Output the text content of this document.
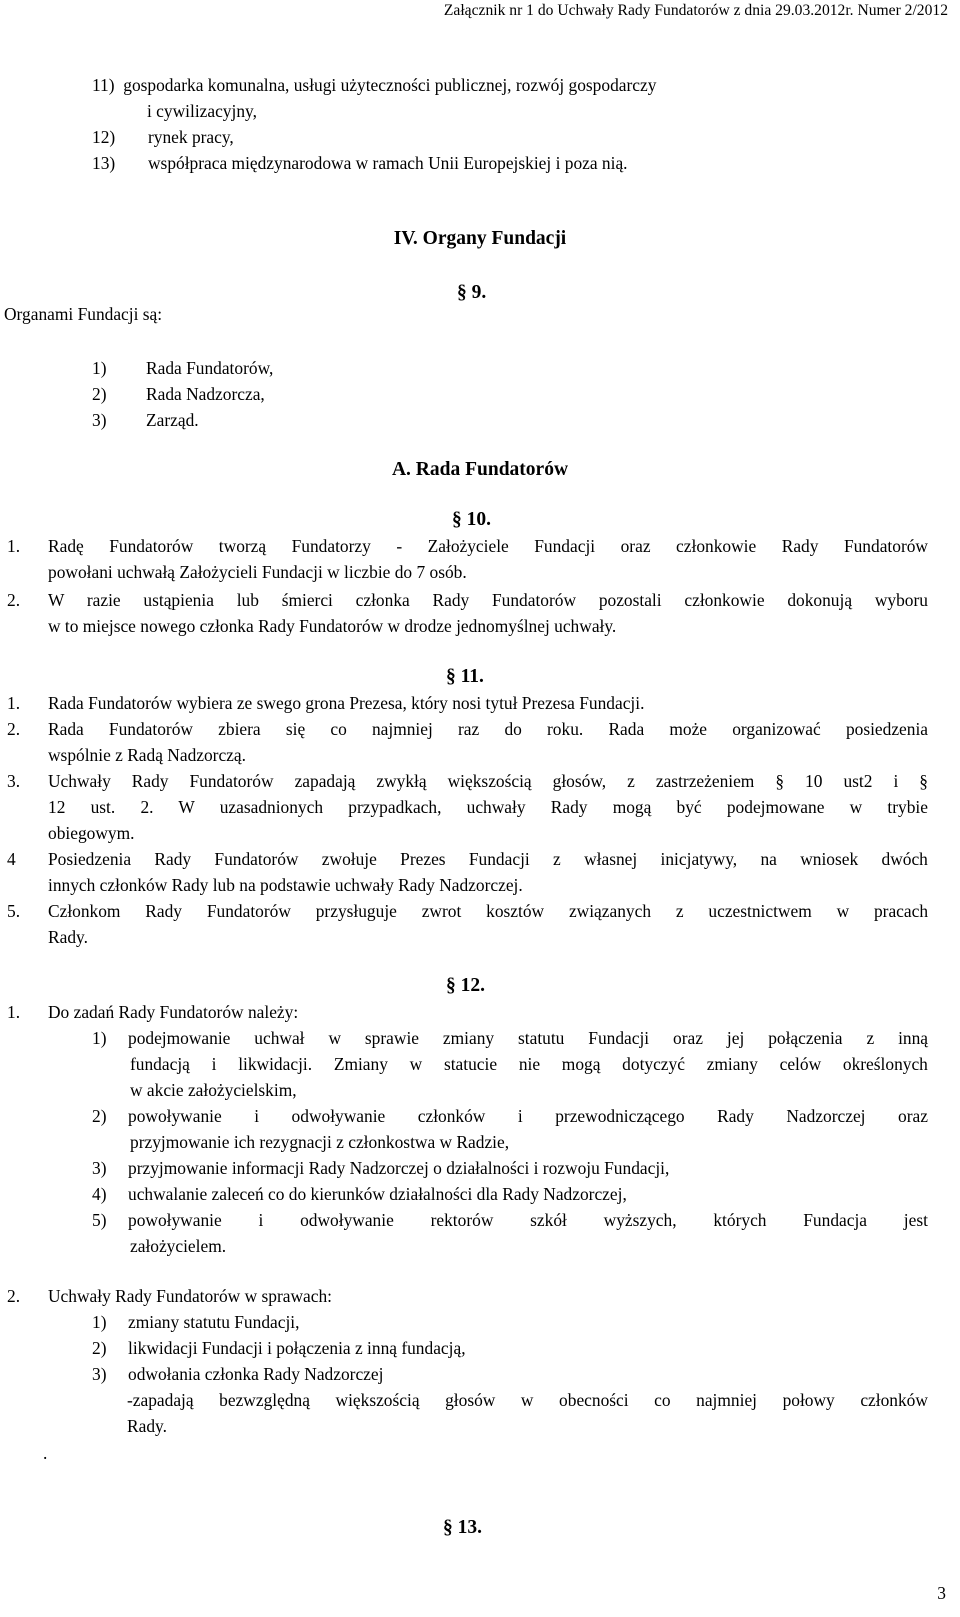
Załącznik nr 1 do Uchwały Rady Fundatorów z dnia 29.03.2012r. Numer 2/2012
11) gospodarka komunalna, usługi użyteczności publicznej, rozwój gospodarczy
i cywilizacyjny,
12) rynek pracy,
13) współpraca międzynarodowa w ramach Unii Europejskiej i poza nią.
IV. Organy Fundacji
§ 9.
Organami Fundacji są:
1) Rada Fundatorów,
2) Rada Nadzorcza,
3) Zarząd.
A. Rada Fundatorów
§ 10.
1. Radę Fundatorów tworzą Fundatorzy - Założyciele Fundacji oraz członkowie Rady Fundatorów
powołani uchwałą Założycieli Fundacji w liczbie do 7 osób.
2. W razie ustąpienia lub śmierci członka Rady Fundatorów pozostali członkowie dokonują wyboru
w to miejsce nowego członka Rady Fundatorów w drodze jednomyślnej uchwały.
§ 11.
1. Rada Fundatorów wybiera ze swego grona Prezesa, który nosi tytuł Prezesa Fundacji.
2. Rada Fundatorów zbiera się co najmniej raz do roku. Rada może organizować posiedzenia
wspólnie z Radą Nadzorczą.
3. Uchwały Rady Fundatorów zapadają zwykłą większością głosów, z zastrzeżeniem § 10 ust2 i §
12 ust. 2. W uzasadnionych przypadkach, uchwały Rady mogą być podejmowane w trybie
obiegowym.
4 Posiedzenia Rady Fundatorów zwołuje Prezes Fundacji z własnej inicjatywy, na wniosek dwóch
innych członków Rady lub na podstawie uchwały Rady Nadzorczej.
5. Członkom Rady Fundatorów przysługuje zwrot kosztów związanych z uczestnictwem w pracach
Rady.
§ 12.
1. Do zadań Rady Fundatorów należy:
1) podejmowanie uchwał w sprawie zmiany statutu Fundacji oraz jej połączenia z inną
fundacją i likwidacji. Zmiany w statucie nie mogą dotyczyć zmiany celów określonych
w akcie założycielskim,
2) powoływanie i odwoływanie członków i przewodniczącego Rady Nadzorczej oraz
przyjmowanie ich rezygnacji z członkostwa w Radzie,
3) przyjmowanie informacji Rady Nadzorczej o działalności i rozwoju Fundacji,
4) uchwalanie zaleceń co do kierunków działalności dla Rady Nadzorczej,
5) powoływanie i odwoływanie rektorów szkół wyższych, których Fundacja jest
założycielem.
2. Uchwały Rady Fundatorów w sprawach:
1) zmiany statutu Fundacji,
2) likwidacji Fundacji i połączenia z inną fundacją,
3) odwołania członka Rady Nadzorczej
-zapadają bezwzględną większością głosów w obecności co najmniej połowy członków
Rady.
.
§ 13.
3
